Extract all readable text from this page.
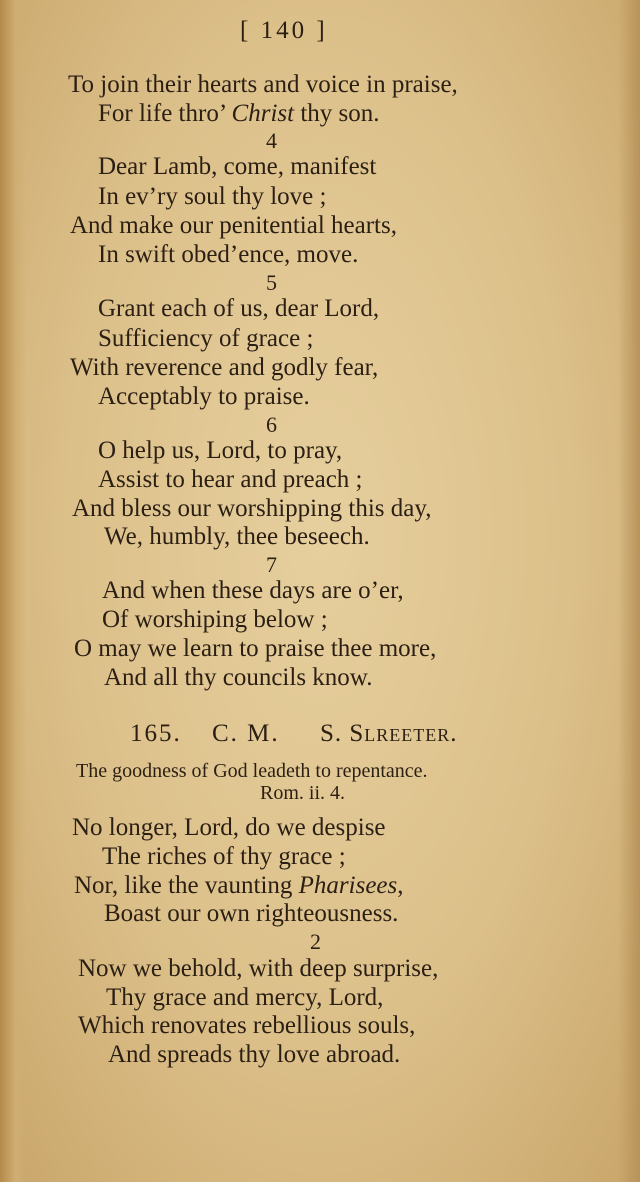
[ 140 ]
To join their hearts and voice in praise,
For life thro’ Christ thy son.
4
Dear Lamb, come, manifest
In ev’ry soul thy love ;
And make our penitential hearts,
In swift obed’ence, move.
5
Grant each of us, dear Lord,
Sufficiency of grace ;
With reverence and godly fear,
Acceptably to praise.
6
O help us, Lord, to pray,
Assist to hear and preach ;
And bless our worshipping this day,
We, humbly, thee beseech.
7
And when these days are o’er,
Of worshiping below ;
O may we learn to praise thee more,
And all thy councils know.
165. C. M. S. Slreeter.
The goodness of God leadeth to repentance.
Rom. ii. 4.
No longer, Lord, do we despise
The riches of thy grace ;
Nor, like the vaunting Pharisees,
Boast our own righteousness.
2
Now we behold, with deep surprise,
Thy grace and mercy, Lord,
Which renovates rebellious souls,
And spreads thy love abroad.
